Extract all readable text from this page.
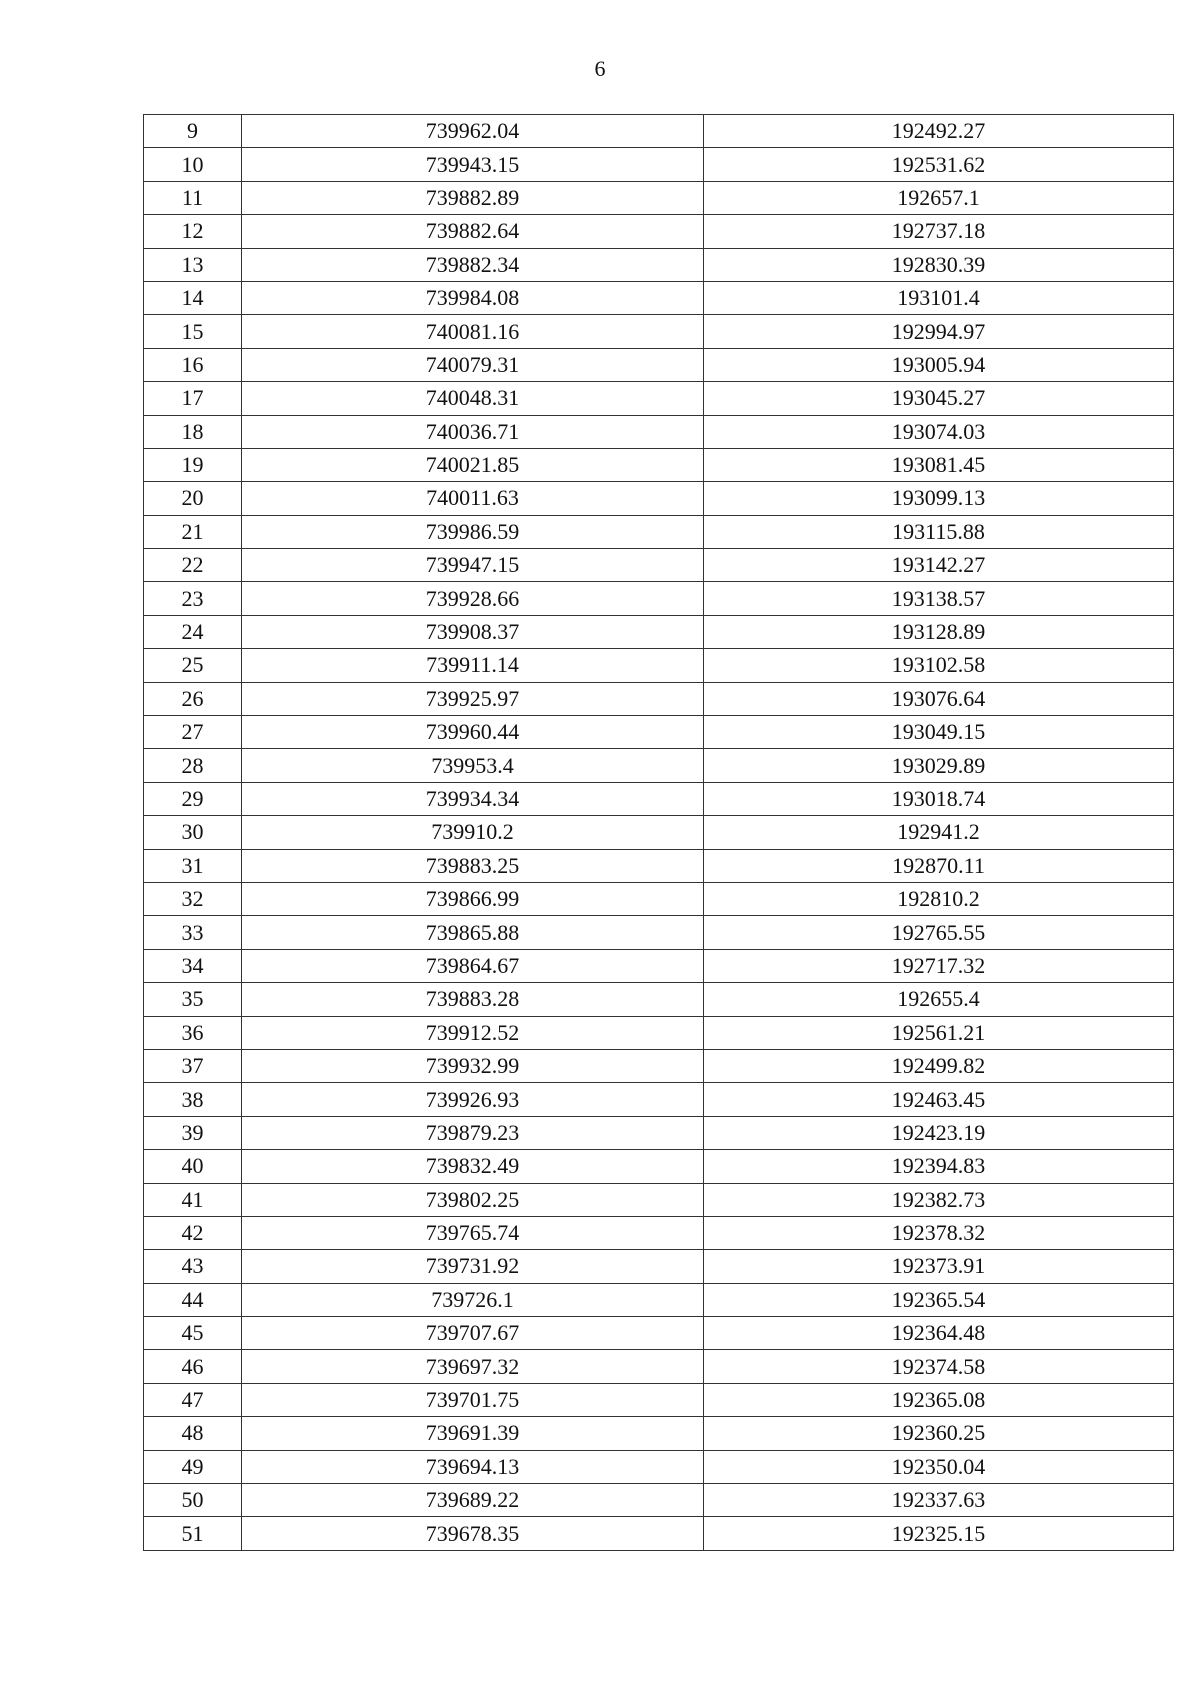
6
9	739962.04	192492.27
10	739943.15	192531.62
11	739882.89	192657.1
12	739882.64	192737.18
13	739882.34	192830.39
14	739984.08	193101.4
15	740081.16	192994.97
16	740079.31	193005.94
17	740048.31	193045.27
18	740036.71	193074.03
19	740021.85	193081.45
20	740011.63	193099.13
21	739986.59	193115.88
22	739947.15	193142.27
23	739928.66	193138.57
24	739908.37	193128.89
25	739911.14	193102.58
26	739925.97	193076.64
27	739960.44	193049.15
28	739953.4	193029.89
29	739934.34	193018.74
30	739910.2	192941.2
31	739883.25	192870.11
32	739866.99	192810.2
33	739865.88	192765.55
34	739864.67	192717.32
35	739883.28	192655.4
36	739912.52	192561.21
37	739932.99	192499.82
38	739926.93	192463.45
39	739879.23	192423.19
40	739832.49	192394.83
41	739802.25	192382.73
42	739765.74	192378.32
43	739731.92	192373.91
44	739726.1	192365.54
45	739707.67	192364.48
46	739697.32	192374.58
47	739701.75	192365.08
48	739691.39	192360.25
49	739694.13	192350.04
50	739689.22	192337.63
51	739678.35	192325.15
